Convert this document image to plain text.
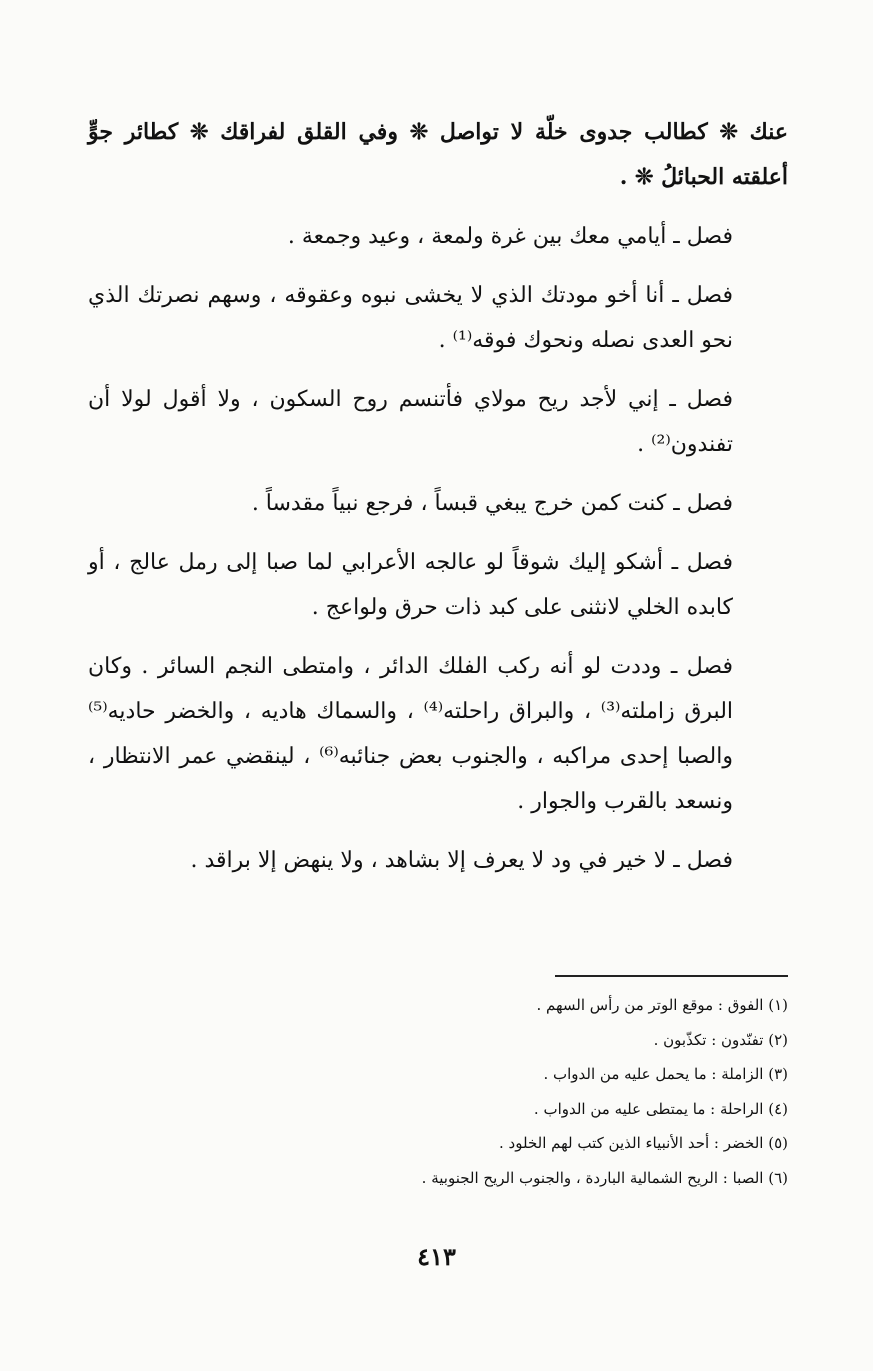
عنك ❊ كطالب جدوى خلّة لا تواصل ❊ وفي القلق لفراقك ❊ كطائر جوٍّ أعلقته الحبائلُ ❊ .

فصل ـ أيامي معك بين غرة ولمعة ، وعيد وجمعة .

فصل ـ أنا أخو مودتك الذي لا يخشى نبوه وعقوقه ، وسهم نصرتك الذي نحو العدى نصله ونحوك فوقه⁽¹⁾ .

فصل ـ إني لأجد ريح مولاي فأتنسم روح السكون ، ولا أقول لولا أن تفندون⁽²⁾ .

فصل ـ كنت كمن خرج يبغي قبساً ، فرجع نبياً مقدساً .

فصل ـ أشكو إليك شوقاً لو عالجه الأعرابي لما صبا إلى رمل عالج ، أو كابده الخلي لانثنى على كبد ذات حرق ولواعج .

فصل ـ وددت لو أنه ركب الفلك الدائر ، وامتطى النجم السائر . وكان البرق زاملته⁽³⁾ ، والبراق راحلته⁽⁴⁾ ، والسماك هاديه ، والخضر حاديه⁽⁵⁾ والصبا إحدى مراكبه ، والجنوب بعض جنائبه⁽⁶⁾ ، لينقضي عمر الانتظار ، ونسعد بالقرب والجوار .

فصل ـ لا خير في ود لا يعرف إلا بشاهد ، ولا ينهض إلا براقد .

(١) الفوق : موقع الوتر من رأس السهم .
(٢) تفنّدون : تكذّبون .
(٣) الزاملة : ما يحمل عليه من الدواب .
(٤) الراحلة : ما يمتطى عليه من الدواب .
(٥) الخضر : أحد الأنبياء الذين كتب لهم الخلود .
(٦) الصبا : الريح الشمالية الباردة ، والجنوب الريح الجنوبية .
٤١٣
